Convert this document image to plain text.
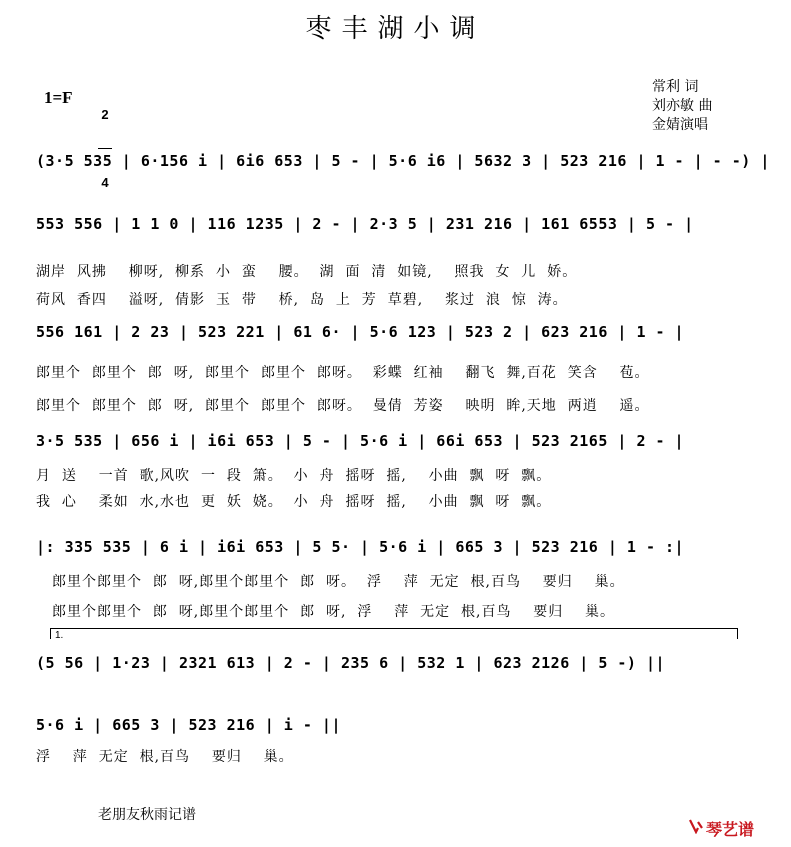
枣丰湖小调
1=F

2

4

常利 词
刘亦敏 曲
金婧演唱
(3·5 535 | 6·156 i | 6i6 653 | 5 - | 5·6 i6 | 5632 3 | 523 216 | 1 - | - -) |
553 556 | 1 1 0 | 116 1235 | 2 - | 2·3 5 | 231 216 | 161 6553 | 5 - |
湖岸  风拂    柳呀,  柳系  小  蛮    腰。  湖  面  清  如镜,    照我  女  儿  娇。
荷风  香四    溢呀,  倩影  玉  带    桥,  岛  上  芳  草碧,    浆过  浪  惊  涛。
556 161 | 2 23 | 523 221 | 61 6· | 5·6 123 | 523 2 | 623 216 | 1 - |
郎里个  郎里个  郎  呀,  郎里个  郎里个  郎呀。  彩蝶  红袖    翻飞  舞,百花  笑含    苞。
郎里个  郎里个  郎  呀,  郎里个  郎里个  郎呀。  曼倩  芳姿    映明  眸,天地  两逍    遥。
3·5 535 | 656 i | i6i 653 | 5 - | 5·6 i | 66i 653 | 523 2165 | 2 - |
月  送    一首  歌,风吹  一  段  箫。  小  舟  摇呀  摇,    小曲  飘  呀  飘。
我  心    柔如  水,水也  更  妖  娆。  小  舟  摇呀  摇,    小曲  飘  呀  飘。
|: 335 535 | 6 i | i6i 653 | 5 5· | 5·6 i | 665 3 | 523 216 | 1 - :|
郎里个郎里个  郎  呀,郎里个郎里个  郎  呀。  浮    萍  无定  根,百鸟    要归    巢。
郎里个郎里个  郎  呀,郎里个郎里个  郎  呀,  浮    萍  无定  根,百鸟    要归    巢。
1.
(5 56 | 1·23 | 2321 613 | 2 - | 235 6 | 532 1 | 623 2126 | 5 -) ||
5·6 i | 665 3 | 523 216 | i - ||
浮    萍  无定  根,百鸟    要归    巢。
老朋友秋雨记谱
琴艺谱
